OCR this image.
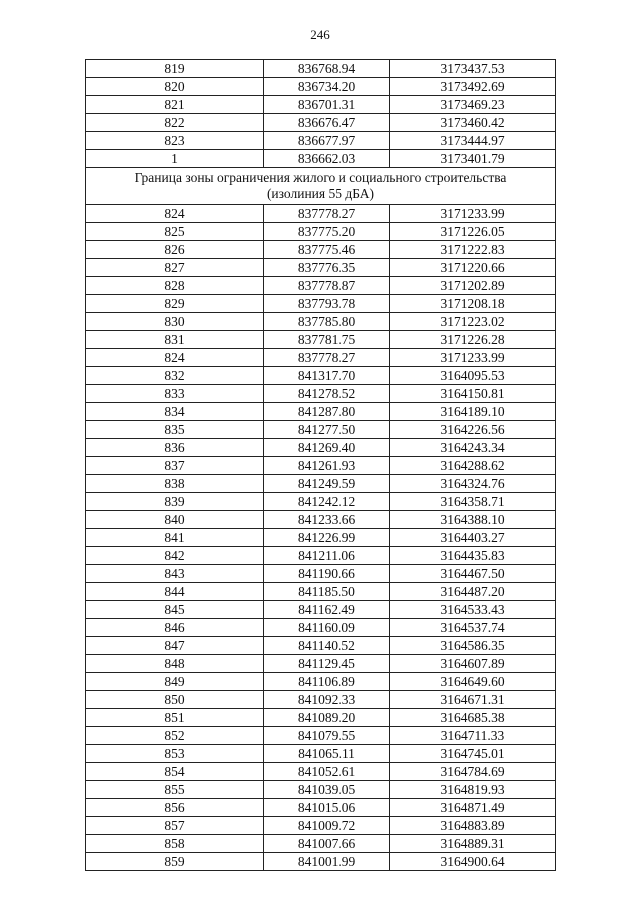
246
819	836768.94	3173437.53
820	836734.20	3173492.69
821	836701.31	3173469.23
822	836676.47	3173460.42
823	836677.97	3173444.97
1	836662.03	3173401.79

Граница зоны ограничения жилого и социального строительства
(изолиния 55 дБА)		

824	837778.27	3171233.99
825	837775.20	3171226.05
826	837775.46	3171222.83
827	837776.35	3171220.66
828	837778.87	3171202.89
829	837793.78	3171208.18
830	837785.80	3171223.02
831	837781.75	3171226.28
824	837778.27	3171233.99
832	841317.70	3164095.53
833	841278.52	3164150.81
834	841287.80	3164189.10
835	841277.50	3164226.56
836	841269.40	3164243.34
837	841261.93	3164288.62
838	841249.59	3164324.76
839	841242.12	3164358.71
840	841233.66	3164388.10
841	841226.99	3164403.27
842	841211.06	3164435.83
843	841190.66	3164467.50
844	841185.50	3164487.20
845	841162.49	3164533.43
846	841160.09	3164537.74
847	841140.52	3164586.35
848	841129.45	3164607.89
849	841106.89	3164649.60
850	841092.33	3164671.31
851	841089.20	3164685.38
852	841079.55	3164711.33
853	841065.11	3164745.01
854	841052.61	3164784.69
855	841039.05	3164819.93
856	841015.06	3164871.49
857	841009.72	3164883.89
858	841007.66	3164889.31
859	841001.99	3164900.64
